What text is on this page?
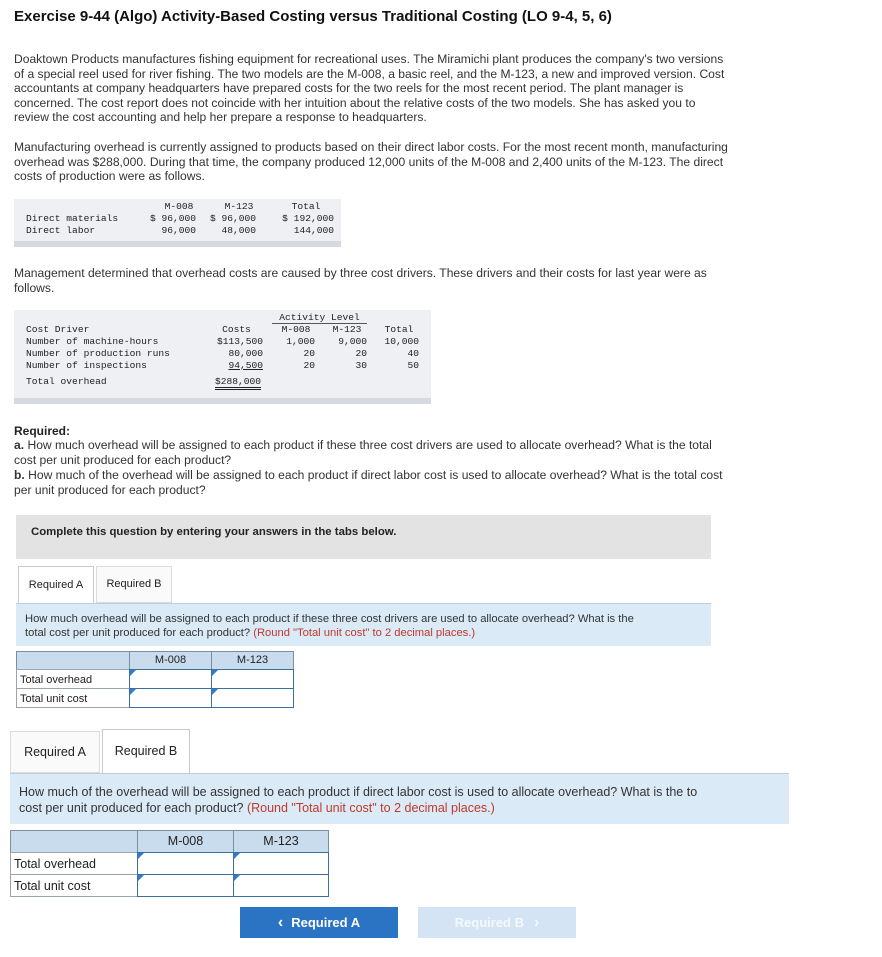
Exercise 9-44 (Algo) Activity-Based Costing versus Traditional Costing (LO 9-4, 5, 6)
Doaktown Products manufactures fishing equipment for recreational uses. The Miramichi plant produces the company's two versions
of a special reel used for river fishing. The two models are the M-008, a basic reel, and the M-123, a new and improved version. Cost
accountants at company headquarters have prepared costs for the two reels for the most recent period. The plant manager is
concerned. The cost report does not coincide with her intuition about the relative costs of the two models. She has asked you to
review the cost accounting and help her prepare a response to headquarters.
Manufacturing overhead is currently assigned to products based on their direct labor costs. For the most recent month, manufacturing
overhead was $288,000. During that time, the company produced 12,000 units of the M-008 and 2,400 units of the M-123. The direct
costs of production were as follows.
M-008	M-123	Total
Direct materials	$ 96,000	$ 96,000	$ 192,000
Direct labor	96,000	48,000	144,000
Management determined that overhead costs are caused by three cost drivers. These drivers and their costs for last year were as
follows.
Activity Level
Cost Driver	Costs	M-008	M-123	Total
Number of machine-hours	$113,500	1,000	9,000	10,000
Number of production runs	80,000	20	20	40
Number of inspections	94,500	20	30	50
Total overhead	$288,000
Required:
a. How much overhead will be assigned to each product if these three cost drivers are used to allocate overhead? What is the total
cost per unit produced for each product?
b. How much of the overhead will be assigned to each product if direct labor cost is used to allocate overhead? What is the total cost
per unit produced for each product?
Complete this question by entering your answers in the tabs below.
Required A	Required B
How much overhead will be assigned to each product if these three cost drivers are used to allocate overhead? What is the
total cost per unit produced for each product? (Round "Total unit cost" to 2 decimal places.)
M-008	M-123
Total overhead
Total unit cost
Required A	Required B
How much of the overhead will be assigned to each product if direct labor cost is used to allocate overhead? What is the to
cost per unit produced for each product? (Round "Total unit cost" to 2 decimal places.)
M-008	M-123
Total overhead
Total unit cost
‹ Required A	Required B ›
